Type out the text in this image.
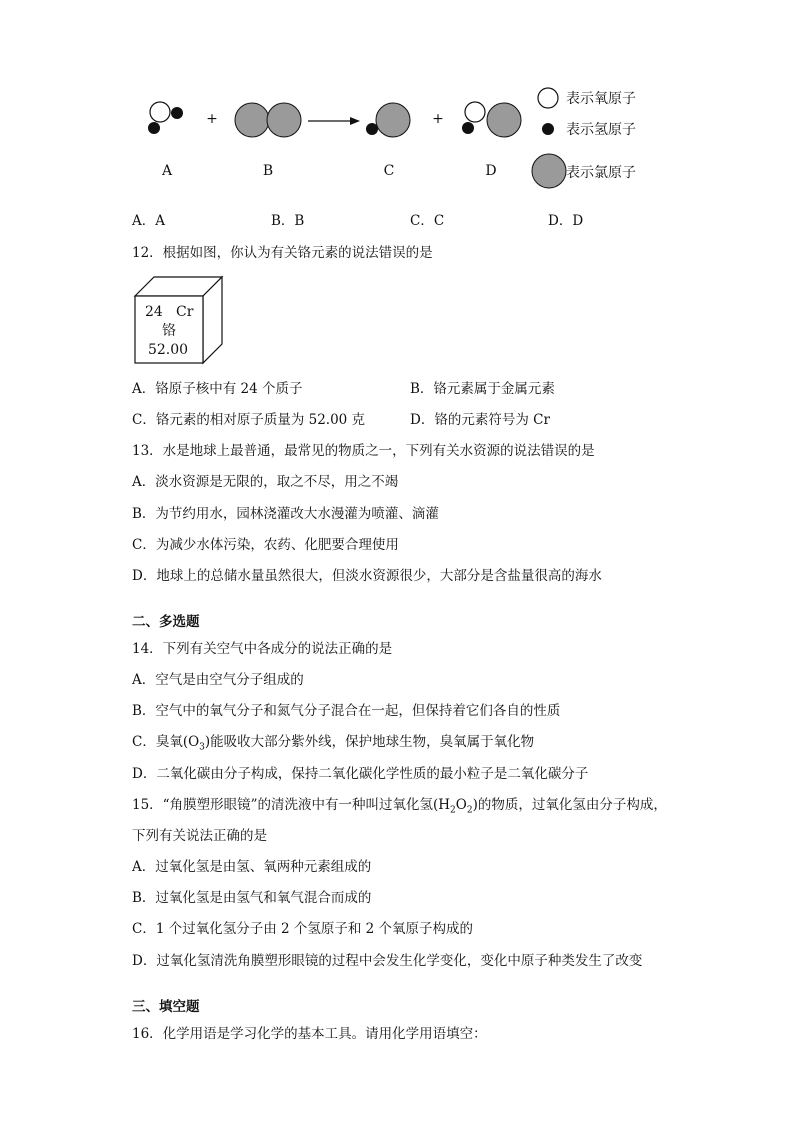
+	+
A	B	C	D
表示氧原子
表示氢原子
表示氯原子
A．A	B．B	C．C	D．D
12．根据如图，你认为有关铬元素的说法错误的是
24 Cr
铬
52.00
A．铬原子核中有 24 个质子	B．铬元素属于金属元素
C．铬元素的相对原子质量为 52.00 克	D．铬的元素符号为 Cr
13．水是地球上最普通，最常见的物质之一，下列有关水资源的说法错误的是
A．淡水资源是无限的，取之不尽，用之不竭
B．为节约用水，园林浇灌改大水漫灌为喷灌、滴灌
C．为减少水体污染，农药、化肥要合理使用
D．地球上的总储水量虽然很大，但淡水资源很少，大部分是含盐量很高的海水
二、多选题
14．下列有关空气中各成分的说法正确的是
A．空气是由空气分子组成的
B．空气中的氧气分子和氮气分子混合在一起，但保持着它们各自的性质
C．臭氧$(O_3)$能吸收大部分紫外线，保护地球生物，臭氧属于氧化物
D．二氧化碳由分子构成，保持二氧化碳化学性质的最小粒子是二氧化碳分子
15．“角膜塑形眼镜”的清洗液中有一种叫过氧化氢$(H_2O_2)$的物质，过氧化氢由分子构成，
下列有关说法正确的是
A．过氧化氢是由氢、氧两种元素组成的
B．过氧化氢是由氢气和氧气混合而成的
C．1 个过氧化氢分子由 2 个氢原子和 2 个氧原子构成的
D．过氧化氢清洗角膜塑形眼镜的过程中会发生化学变化，变化中原子种类发生了改变
三、填空题
16．化学用语是学习化学的基本工具。请用化学用语填空：
